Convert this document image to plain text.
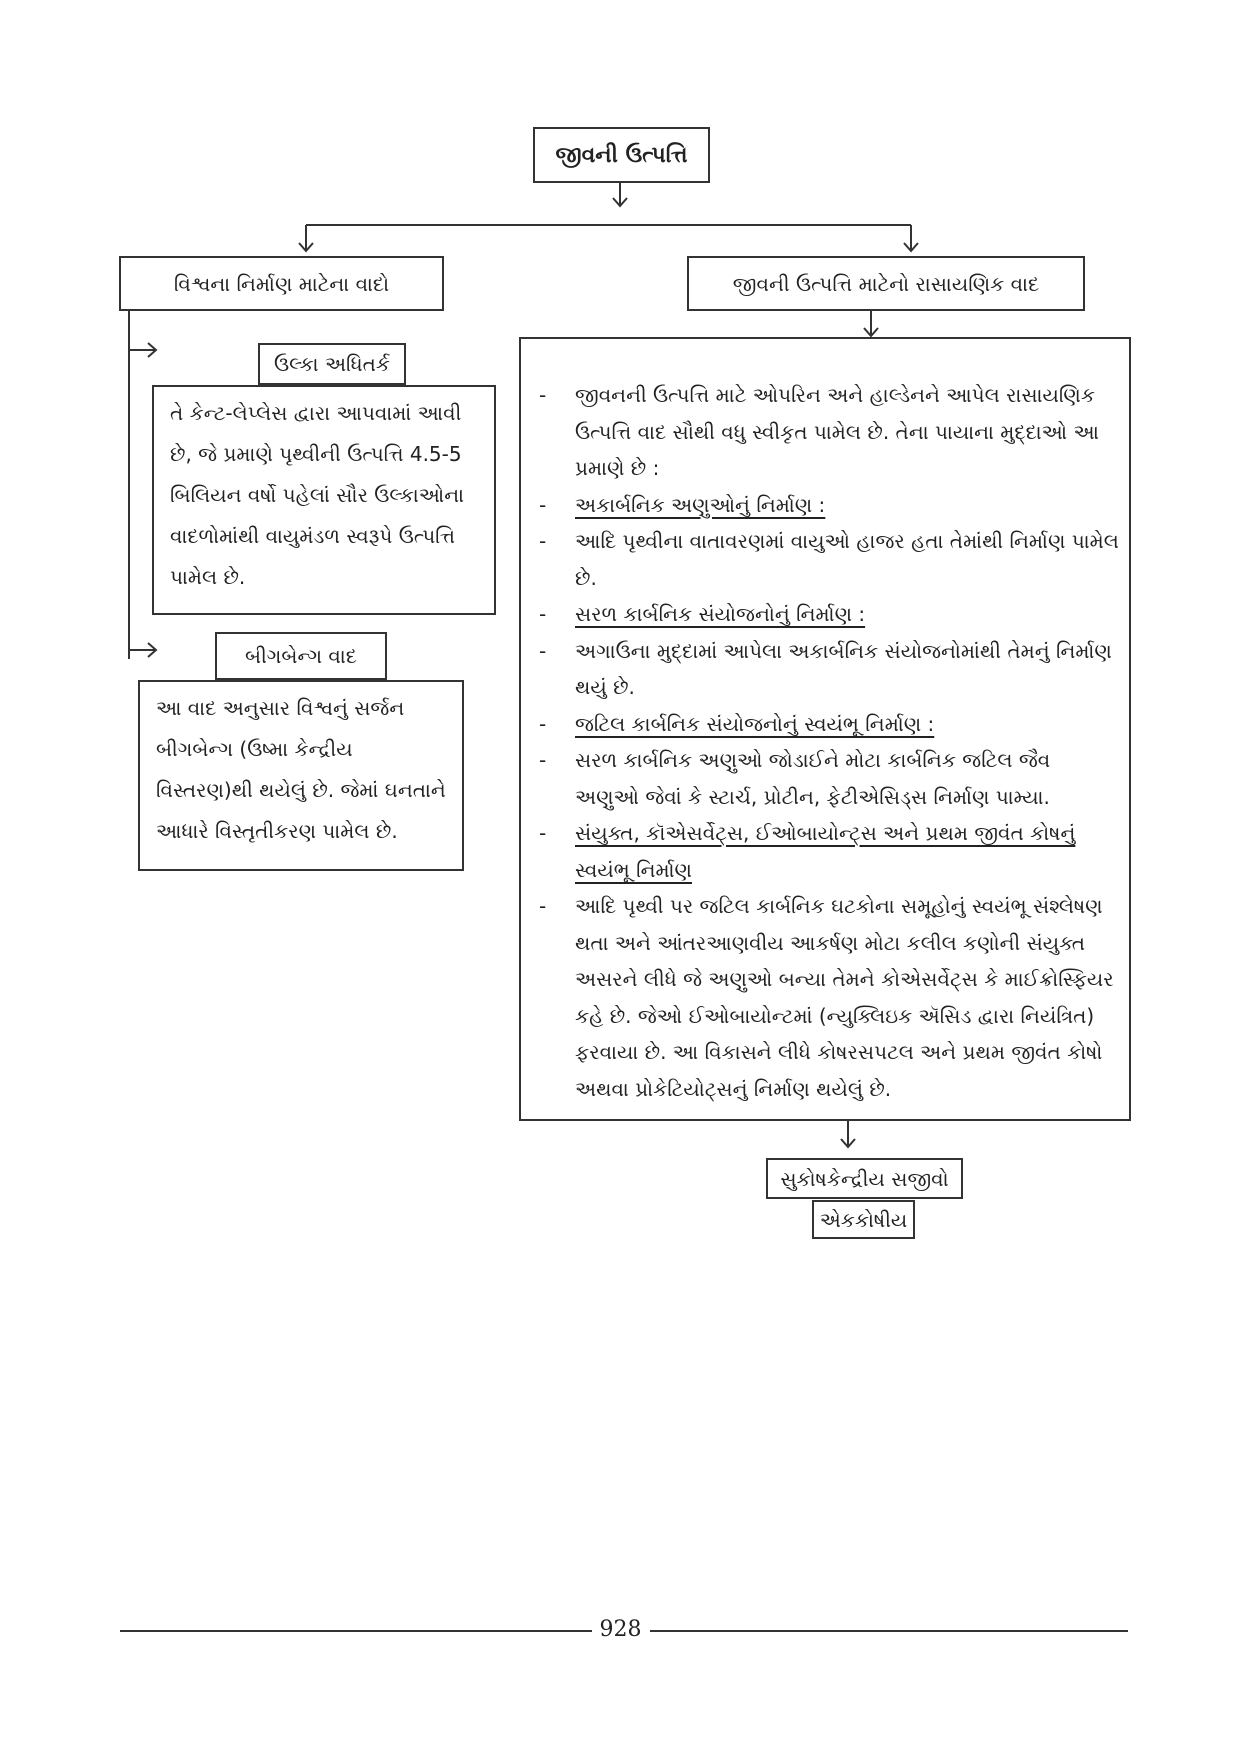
જીવની ઉત્પત્તિ
વિશ્વના નિર્માણ માટેના વાદો	જીવની ઉત્પત્તિ માટેનો રાસાયણિક વાદ
ઉલ્કા અધિતર્ક

તે કેન્ટ-લેપ્લેસ દ્વારા આપવામાં આવી છે, જે પ્રમાણે પૃથ્વીની ઉત્પત્તિ 4.5-5 બિલિયન વર્ષો પહેલાં સૌર ઉલ્કાઓના વાદળોમાંથી વાયુમંડળ સ્વરૂપે ઉત્પત્તિ પામેલ છે.

બીગબેન્ગ વાદ

આ વાદ અનુસાર વિશ્વનું સર્જન બીગબેન્ગ (ઉષ્મા કેન્દ્રીય વિસ્તરણ)થી થયેલું છે. જેમાં ઘનતાને આધારે વિસ્તૃતીકરણ પામેલ છે.

- જીવનની ઉત્પત્તિ માટે ઓપરિન અને હાલ્ડેનને આપેલ રાસાયણિક ઉત્પત્તિ વાદ સૌથી વધુ સ્વીકૃત પામેલ છે. તેના પાયાના મુદ્દાઓ આ પ્રમાણે છે :
- અકાર્બનિક અણુઓનું નિર્માણ :
- આદિ પૃથ્વીના વાતાવરણમાં વાયુઓ હાજર હતા તેમાંથી નિર્માણ પામેલ છે.
- સરળ કાર્બનિક સંયોજનોનું નિર્માણ :
- અગાઉના મુદ્દામાં આપેલા અકાર્બનિક સંયોજનોમાંથી તેમનું નિર્માણ થયું છે.
- જટિલ કાર્બનિક સંયોજનોનું સ્વયંભૂ નિર્માણ :
- સરળ કાર્બનિક અણુઓ જોડાઈને મોટા કાર્બનિક જટિલ જૈવ અણુઓ જેવાં કે સ્ટાર્ચ, પ્રોટીન, ફેટીએસિડ્સ નિર્માણ પામ્યા.
- સંયુક્ત, કૉએસર્વેટ્સ, ઈઓબાયોન્ટ્સ અને પ્રથમ જીવંત કોષનું સ્વયંભૂ નિર્માણ
- આદિ પૃથ્વી પર જટિલ કાર્બનિક ઘટકોના સમૂહોનું સ્વયંભૂ સંશ્લેષણ થતા અને આંતરઆણવીય આકર્ષણ મોટા કલીલ કણોની સંયુક્ત અસરને લીધે જે અણુઓ બન્યા તેમને કોએસર્વેટ્સ કે માઈક્રોસ્ફિયર કહે છે. જેઓ ઈઓબાયોન્ટમાં (ન્યુક્લિઇક ઍસિડ દ્વારા નિયંત્રિત) ફરવાયા છે. આ વિકાસને લીધે કોષરસપટલ અને પ્રથમ જીવંત કોષો અથવા પ્રોકેટિયોટ્સનું નિર્માણ થયેલું છે.
સુકોષકેન્દ્રીય સજીવો
એકકોષીય
928
